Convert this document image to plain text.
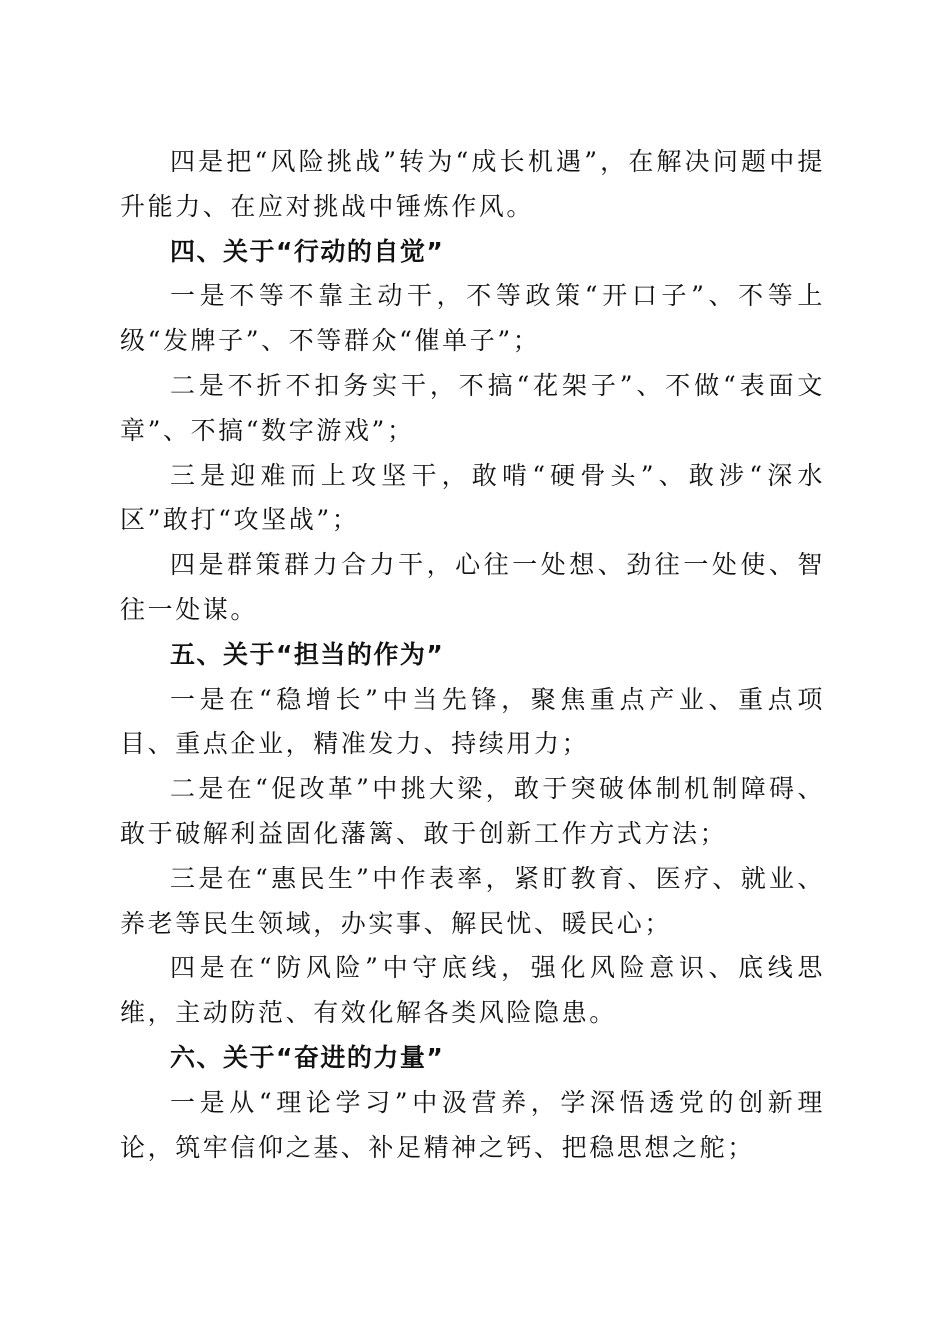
四是把“风险挑战”转为“成长机遇”，在解决问题中提升能力、在应对挑战中锤炼作风。

四、关于“行动的自觉”

一是不等不靠主动干，不等政策“开口子”、不等上级“发牌子”、不等群众“催单子”；

二是不折不扣务实干，不搞“花架子”、不做“表面文章”、不搞“数字游戏”；

三是迎难而上攻坚干，敢啃“硬骨头”、敢涉“深水区”敢打“攻坚战”；

四是群策群力合力干，心往一处想、劲往一处使、智往一处谋。

五、关于“担当的作为”

一是在“稳增长”中当先锋，聚焦重点产业、重点项目、重点企业，精准发力、持续用力；

二是在“促改革”中挑大梁，敢于突破体制机制障碍、敢于破解利益固化藩篱、敢于创新工作方式方法；

三是在“惠民生”中作表率，紧盯教育、医疗、就业、养老等民生领域，办实事、解民忧、暖民心；

四是在“防风险”中守底线，强化风险意识、底线思维，主动防范、有效化解各类风险隐患。

六、关于“奋进的力量”

一是从“理论学习”中汲营养，学深悟透党的创新理论，筑牢信仰之基、补足精神之钙、把稳思想之舵；
